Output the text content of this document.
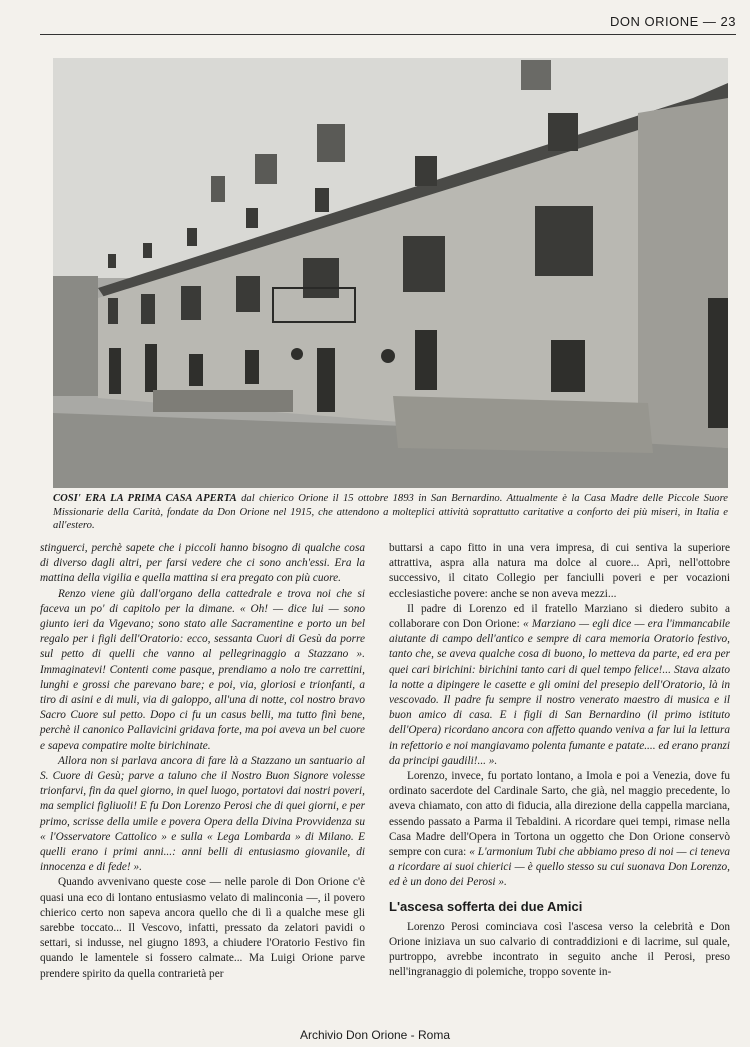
DON ORIONE — 23
COSI' ERA LA PRIMA CASA APERTA dal chierico Orione il 15 ottobre 1893 in San Bernardino. Attualmente è la Casa Madre delle Piccole Suore Missionarie della Carità, fondate da Don Orione nel 1915, che attendono a molteplici attività soprattutto caritative a conforto dei più miseri, in Italia e all'estero.

stinguerci, perchè sapete che i piccoli hanno bisogno di qualche cosa di diverso dagli altri, per farsi vedere che ci sono anch'essi. Era la mattina della vigilia e quella mattina si era pregato con più cuore.

Renzo viene giù dall'organo della cattedrale e trova noi che si faceva un po' di capitolo per la dimane. « Oh! — dice lui — sono giunto ieri da Vigevano; sono stato alle Sacramentine e porto un bel regalo per i figli dell'Oratorio: ecco, sessanta Cuori di Gesù da porre sul petto di quelli che vanno al pellegrinaggio a Stazzano ». Immaginatevi! Contenti come pasque, prendiamo a nolo tre carrettini, lunghi e grossi che parevano bare; e poi, via, gloriosi e trionfanti, a tiro di asini e di muli, via di galoppo, all'una di notte, col nostro bravo Sacro Cuore sul petto. Dopo ci fu un casus belli, ma tutto finì bene, perchè il canonico Pallavicini gridava forte, ma poi aveva un bel cuore e sapeva compatire molte birichinate.

Allora non si parlava ancora di fare là a Stazzano un santuario al S. Cuore di Gesù; parve a taluno che il Nostro Buon Signore volesse trionfarvi, fin da quel giorno, in quel luogo, portatovi dai nostri poveri, ma semplici figliuoli! E fu Don Lorenzo Perosi che di quei giorni, e per primo, scrisse della umile e povera Opera della Divina Provvidenza su « l'Osservatore Cattolico » e sulla « Lega Lombarda » di Milano. E quelli erano i primi anni...: anni belli di entusiasmo giovanile, di innocenza e di fede! ».

Quando avvenivano queste cose — nelle parole di Don Orione c'è quasi una eco di lontano entusiasmo velato di malinconia —, il povero chierico certo non sapeva ancora quello che di lì a qualche mese gli sarebbe toccato... Il Vescovo, infatti, pressato da zelatori pavidi o settari, si indusse, nel giugno 1893, a chiudere l'Oratorio Festivo fin quando le lamentele si fossero calmate... Ma Luigi Orione parve prendere spirito da quella contrarietà per

buttarsi a capo fitto in una vera impresa, di cui sentiva la superiore attrattiva, aspra alla natura ma dolce al cuore... Aprì, nell'ottobre successivo, il citato Collegio per fanciulli poveri e per vocazioni ecclesiastiche povere: anche se non aveva mezzi...

Il padre di Lorenzo ed il fratello Marziano si diedero subito a collaborare con Don Orione: « Marziano — egli dice — era l'immancabile aiutante di campo dell'antico e sempre di cara memoria Oratorio festivo, tanto che, se aveva qualche cosa di buono, lo metteva da parte, ed era per quei cari birichini: birichini tanto cari di quel tempo felice!... Stava alzato la notte a dipingere le casette e gli omini del presepio dell'Oratorio, là in vescovado. Il padre fu sempre il nostro venerato maestro di musica e il buon amico di casa. E i figli di San Bernardino (il primo istituto dell'Opera) ricordano ancora con affetto quando veniva a far lui la lettura in refettorio e noi mangiavamo polenta fumante e patate.... ed erano pranzi da principi gaudili!... ».

Lorenzo, invece, fu portato lontano, a Imola e poi a Venezia, dove fu ordinato sacerdote del Cardinale Sarto, che già, nel maggio precedente, lo aveva chiamato, con atto di fiducia, alla direzione della cappella marciana, essendo passato a Parma il Tebaldini. A ricordare quei tempi, rimase nella Casa Madre dell'Opera in Tortona un oggetto che Don Orione conservò sempre con cura: « L'armonium Tubi che abbiamo preso di noi — ci teneva a ricordare ai suoi chierici — è quello stesso su cui suonava Don Lorenzo, ed è un dono dei Perosi ».

L'ascesa sofferta dei due Amici

Lorenzo Perosi cominciava così l'ascesa verso la celebrità e Don Orione iniziava un suo calvario di contraddizioni e di lacrime, sul quale, purtroppo, avrebbe incontrato in seguito anche il Perosi, preso nell'ingranaggio di polemiche, troppo sovente in-

Archivio Don Orione - Roma
